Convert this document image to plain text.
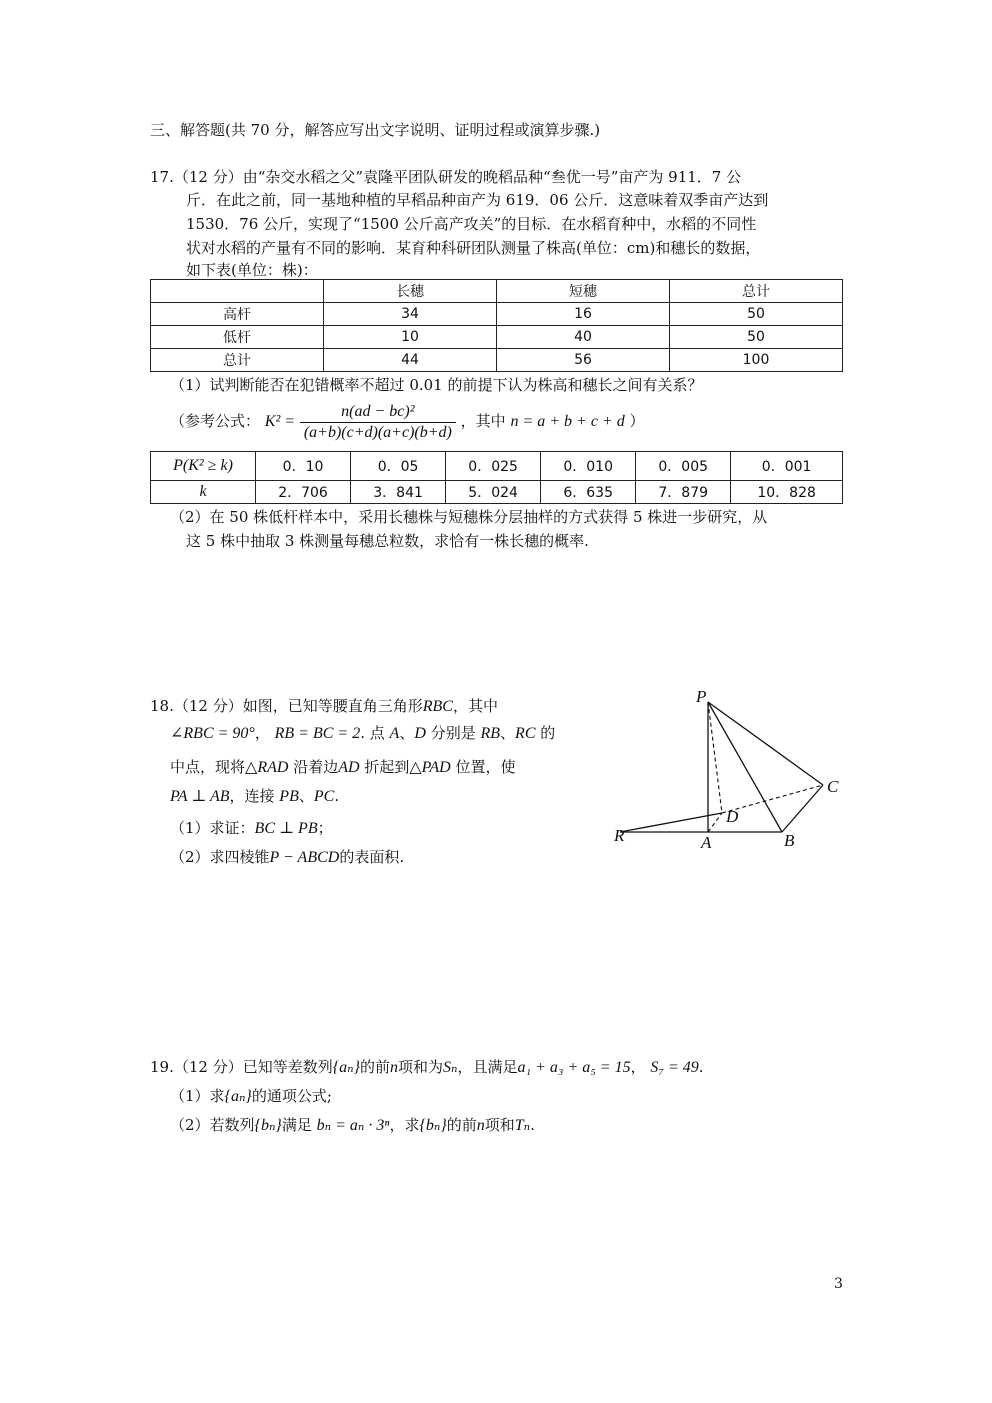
三、解答题(共 70 分，解答应写出文字说明、证明过程或演算步骤.)
17.（12 分）由“杂交水稻之父”袁隆平团队研发的晚稻品种“叁优一号”亩产为 911．7 公
斤．在此之前，同一基地种植的早稻品种亩产为 619．06 公斤．这意味着双季亩产达到
1530．76 公斤，实现了“1500 公斤高产攻关”的目标．在水稻育种中，水稻的不同性
状对水稻的产量有不同的影响．某育种科研团队测量了株高(单位：cm)和穗长的数据，
如下表(单位：株)：
	长穗	短穗	总计
高杆	34	16	50
低杆	10	40	50
总计	44	56	100
（1）试判断能否在犯错概率不超过 0.01 的前提下认为株高和穗长之间有关系？
（参考公式： $K^2 = \frac{\text{n(ad − bc)²}}{(a+b)(c+d)(a+c)(b+d)}$ ，其中 n = a + b + c + d ）
P(K² ≥ k)	0．10	0．05	0．025	0．010	0．005	0．001
k	2．706	3．841	5．024	6．635	7．879	10．828
（2）在 50 株低杆样本中，采用长穗株与短穗株分层抽样的方式获得 5 株进一步研究，从
这 5 株中抽取 3 株测量每穗总粒数，求恰有一株长穗的概率.
18.（12 分）如图，已知等腰直角三角形RBC，其中
∠RBC = 90°， RB = BC = 2. 点 A、D 分别是 RB、RC 的
中点，现将△RAD 沿着边AD 折起到△PAD 位置，使
PA ⊥ AB，连接 PB、PC.
（1）求证：BC ⊥ PB；
（2）求四棱锥P − ABCD的表面积.
P
C
D
R	A	B
19.（12 分）已知等差数列{aₙ}的前n项和为Sₙ，且满足a₁ + a₃ + a₅ = 15， S₇ = 49.
（1）求{aₙ}的通项公式;
（2）若数列{bₙ}满足 bₙ = aₙ · 3ⁿ，求{bₙ}的前n项和Tₙ.
3
